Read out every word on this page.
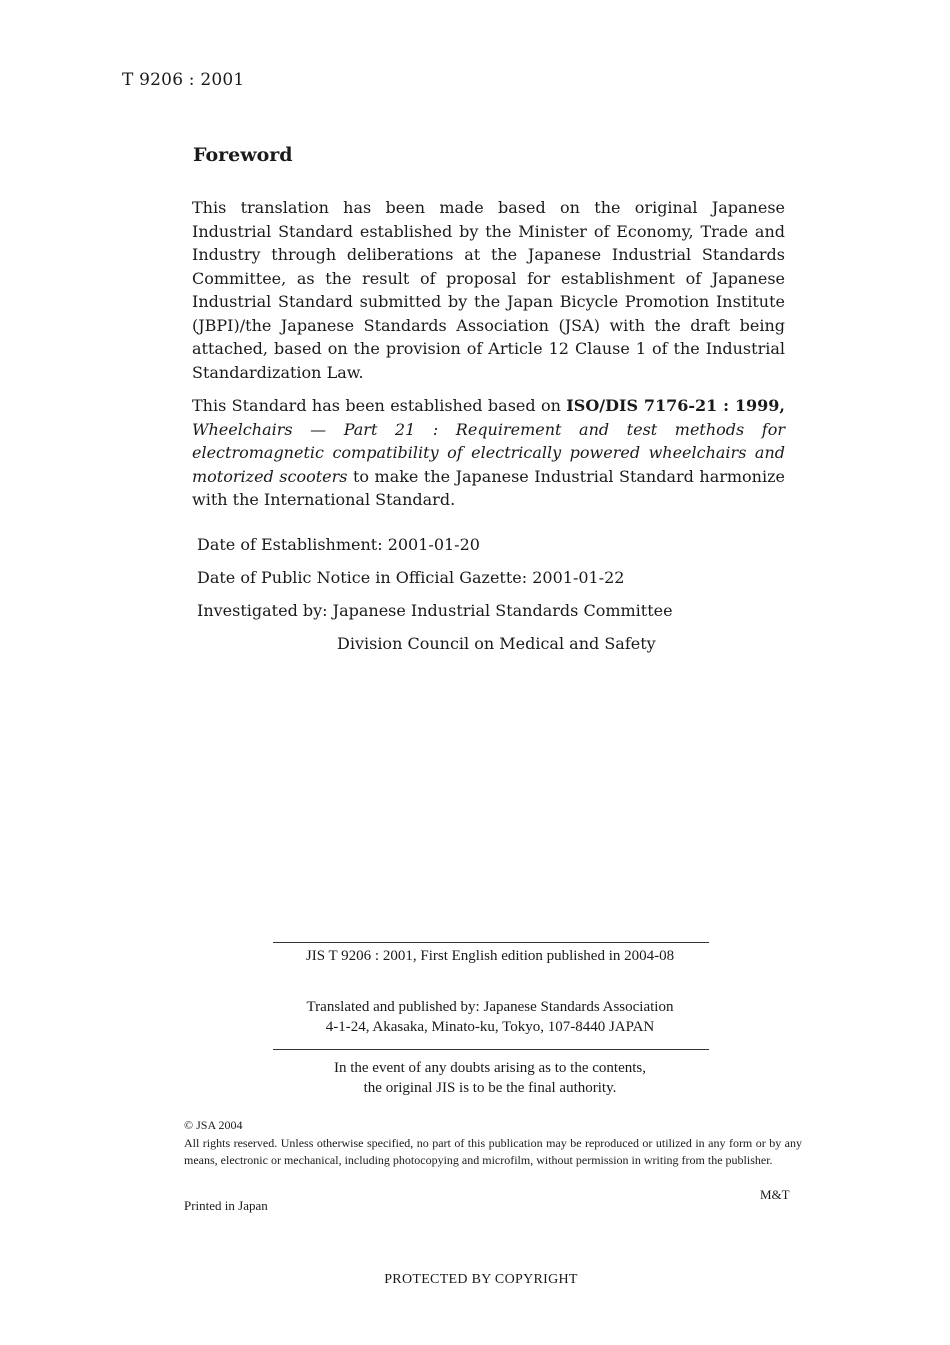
T 9206 : 2001
Foreword
This translation has been made based on the original Japanese Industrial Standard established by the Minister of Economy, Trade and Industry through deliberations at the Japanese Industrial Standards Committee, as the result of proposal for establishment of Japanese Industrial Standard submitted by the Japan Bicycle Promotion Institute (JBPI)/the Japanese Standards Association (JSA) with the draft being attached, based on the provision of Article 12 Clause 1 of the Industrial Standardization Law.
This Standard has been established based on ISO/DIS 7176-21 : 1999, Wheelchairs — Part 21 : Requirement and test methods for electromagnetic compatibility of electrically powered wheelchairs and motorized scooters to make the Japanese Industrial Standard harmonize with the International Standard.
Date of Establishment: 2001-01-20
Date of Public Notice in Official Gazette: 2001-01-22
Investigated by: Japanese Industrial Standards Committee
Division Council on Medical and Safety
JIS T 9206 : 2001, First English edition published in 2004-08
Translated and published by: Japanese Standards Association
4-1-24, Akasaka, Minato-ku, Tokyo, 107-8440 JAPAN
In the event of any doubts arising as to the contents,
the original JIS is to be the final authority.
© JSA 2004
All rights reserved. Unless otherwise specified, no part of this publication may be reproduced or utilized in any form or by any means, electronic or mechanical, including photocopying and microfilm, without permission in writing from the publisher.
Printed in Japan
M&T
PROTECTED BY COPYRIGHT
